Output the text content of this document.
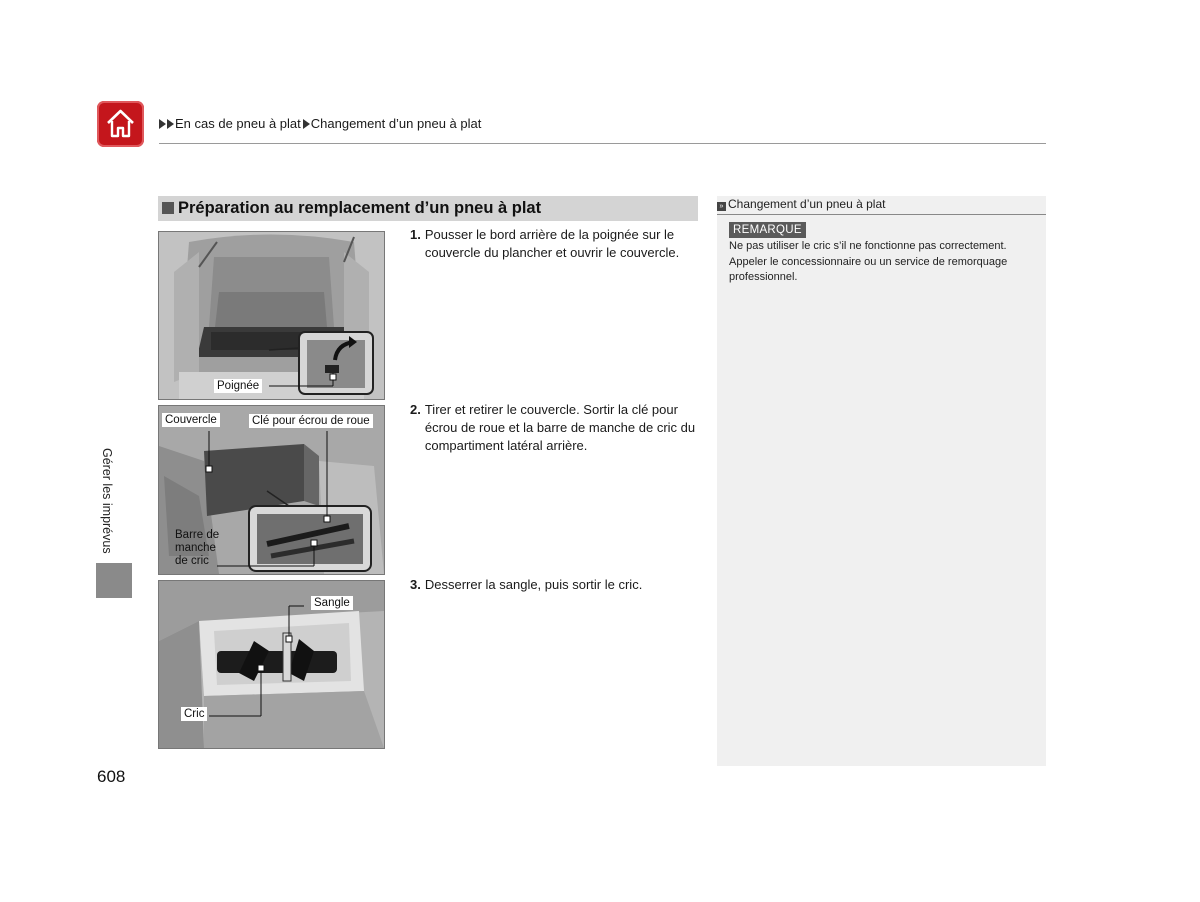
En cas de pneu à plat Changement d’un pneu à plat
Gérer les imprévus
Préparation au remplacement d’un pneu à plat
Poignée
Couvercle	Clé pour écrou de roue
Barre de manche de cric
Sangle
Cric
1. Pousser le bord arrière de la poignée sur le couvercle du plancher et ouvrir le couvercle.
2. Tirer et retirer le couvercle. Sortir la clé pour écrou de roue et la barre de manche de cric du compartiment latéral arrière.
3. Desserrer la sangle, puis sortir le cric.
» Changement d’un pneu à plat
REMARQUE
Ne pas utiliser le cric s’il ne fonctionne pas correctement. Appeler le concessionnaire ou un service de remorquage professionnel.
608
